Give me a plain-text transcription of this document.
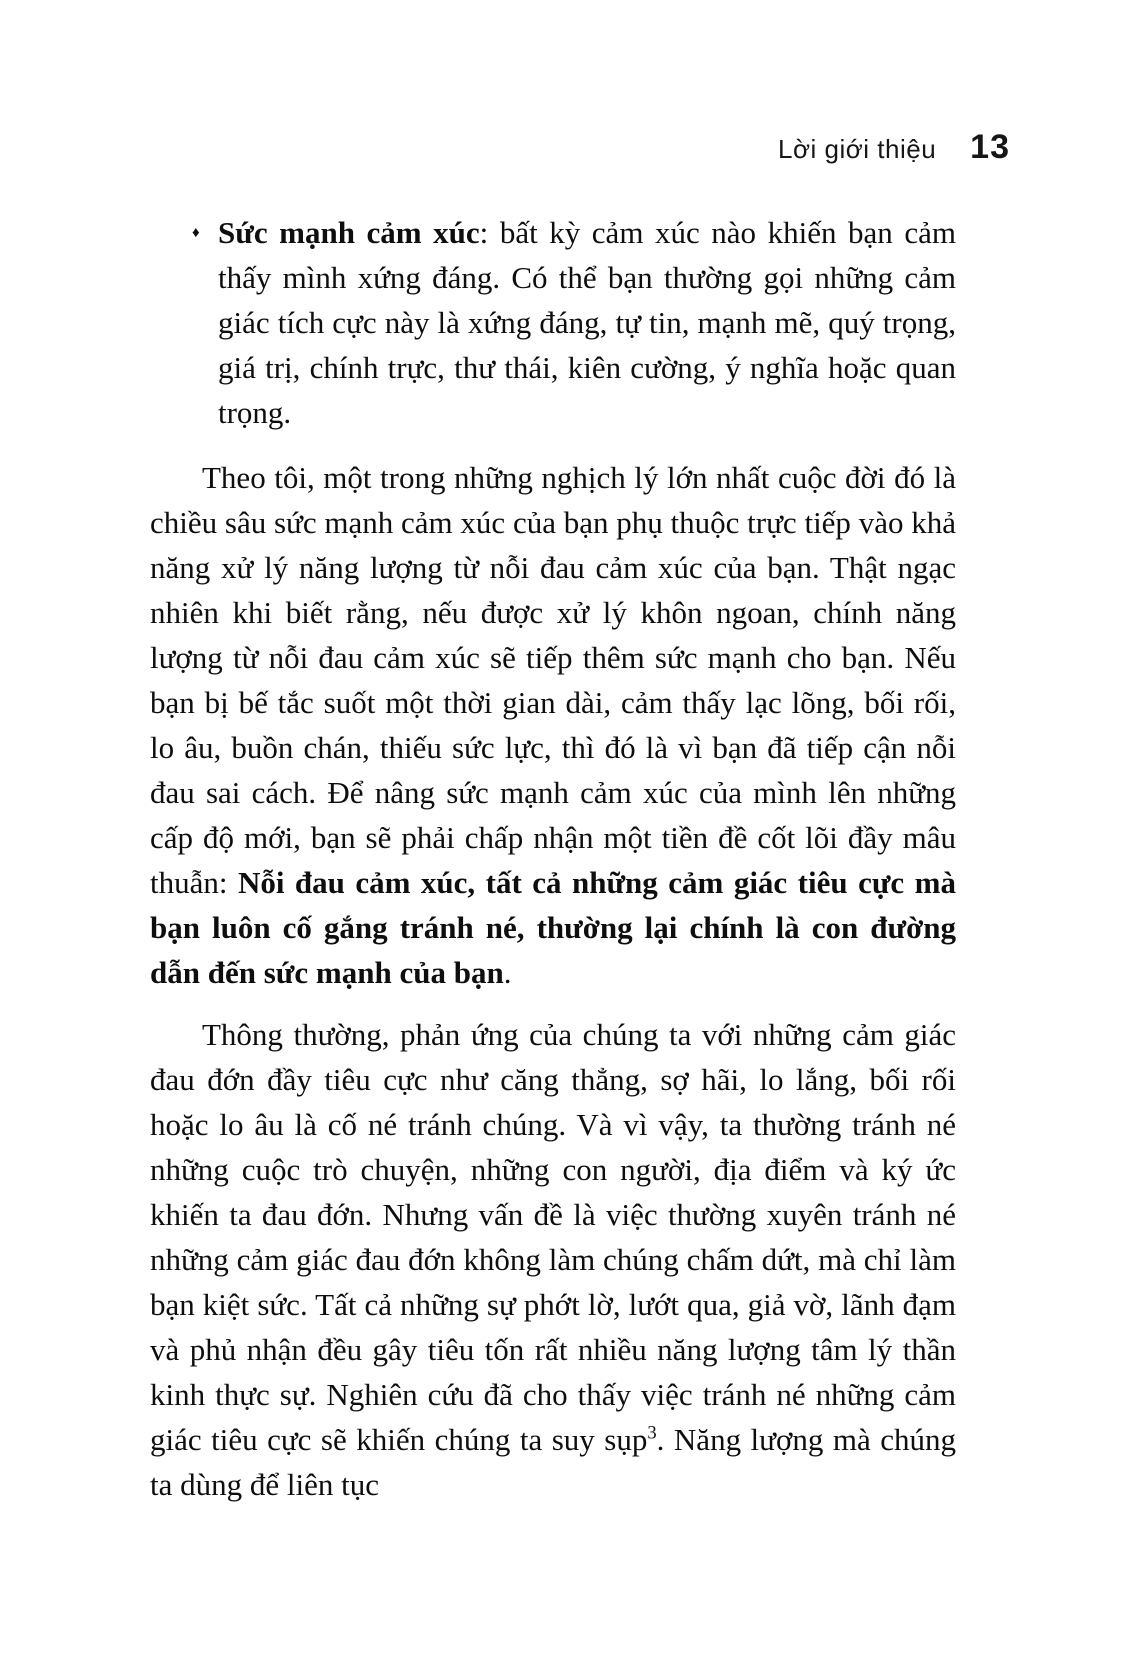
Lời giới thiệu 13
♦ Sức mạnh cảm xúc: bất kỳ cảm xúc nào khiến bạn cảm thấy mình xứng đáng. Có thể bạn thường gọi những cảm giác tích cực này là xứng đáng, tự tin, mạnh mẽ, quý trọng, giá trị, chính trực, thư thái, kiên cường, ý nghĩa hoặc quan trọng.

Theo tôi, một trong những nghịch lý lớn nhất cuộc đời đó là chiều sâu sức mạnh cảm xúc của bạn phụ thuộc trực tiếp vào khả năng xử lý năng lượng từ nỗi đau cảm xúc của bạn. Thật ngạc nhiên khi biết rằng, nếu được xử lý khôn ngoan, chính năng lượng từ nỗi đau cảm xúc sẽ tiếp thêm sức mạnh cho bạn. Nếu bạn bị bế tắc suốt một thời gian dài, cảm thấy lạc lõng, bối rối, lo âu, buồn chán, thiếu sức lực, thì đó là vì bạn đã tiếp cận nỗi đau sai cách. Để nâng sức mạnh cảm xúc của mình lên những cấp độ mới, bạn sẽ phải chấp nhận một tiền đề cốt lõi đầy mâu thuẫn: Nỗi đau cảm xúc, tất cả những cảm giác tiêu cực mà bạn luôn cố gắng tránh né, thường lại chính là con đường dẫn đến sức mạnh của bạn.

Thông thường, phản ứng của chúng ta với những cảm giác đau đớn đầy tiêu cực như căng thẳng, sợ hãi, lo lắng, bối rối hoặc lo âu là cố né tránh chúng. Và vì vậy, ta thường tránh né những cuộc trò chuyện, những con người, địa điểm và ký ức khiến ta đau đớn. Nhưng vấn đề là việc thường xuyên tránh né những cảm giác đau đớn không làm chúng chấm dứt, mà chỉ làm bạn kiệt sức. Tất cả những sự phớt lờ, lướt qua, giả vờ, lãnh đạm và phủ nhận đều gây tiêu tốn rất nhiều năng lượng tâm lý thần kinh thực sự. Nghiên cứu đã cho thấy việc tránh né những cảm giác tiêu cực sẽ khiến chúng ta suy sụp$^3$. Năng lượng mà chúng ta dùng để liên tục
